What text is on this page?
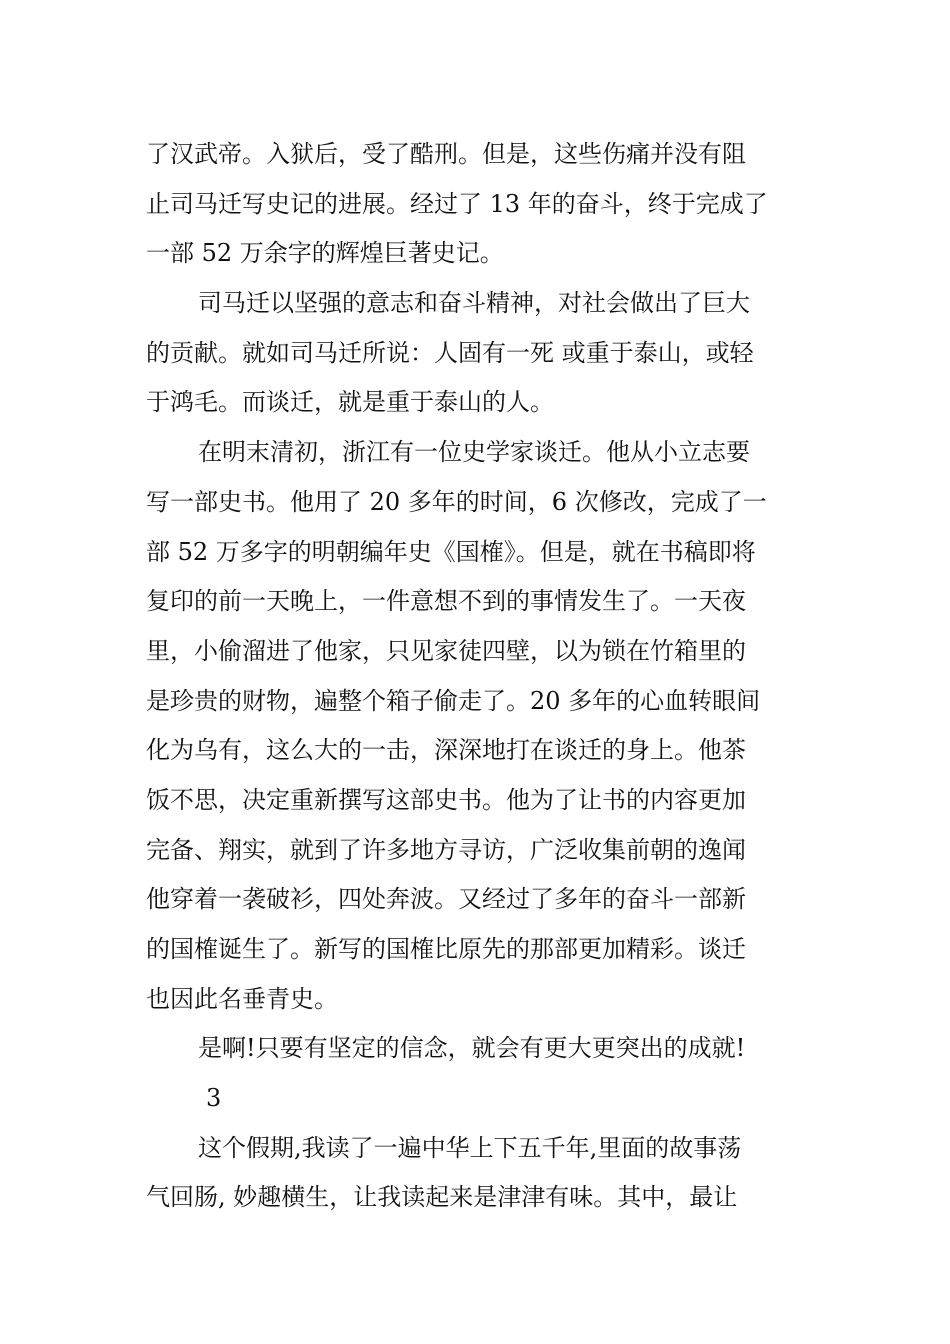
了汉武帝。入狱后，受了酷刑。但是，这些伤痛并没有阻
止司马迁写史记的进展。经过了 13 年的奋斗，终于完成了
一部 52 万余字的辉煌巨著史记。
司马迁以坚强的意志和奋斗精神，对社会做出了巨大
的贡献。就如司马迁所说：人固有一死 或重于泰山，或轻
于鸿毛。而谈迁，就是重于泰山的人。
在明末清初，浙江有一位史学家谈迁。他从小立志要
写一部史书。他用了 20 多年的时间，6 次修改，完成了一
部 52 万多字的明朝编年史《国榷》。但是，就在书稿即将
复印的前一天晚上，一件意想不到的事情发生了。一天夜
里，小偷溜进了他家，只见家徒四壁，以为锁在竹箱里的
是珍贵的财物，遍整个箱子偷走了。20 多年的心血转眼间
化为乌有，这么大的一击，深深地打在谈迁的身上。他茶
饭不思，决定重新撰写这部史书。他为了让书的内容更加
完备、翔实，就到了许多地方寻访，广泛收集前朝的逸闻
他穿着一袭破衫，四处奔波。又经过了多年的奋斗一部新
的国榷诞生了。新写的国榷比原先的那部更加精彩。谈迁
也因此名垂青史。
是啊!只要有坚定的信念，就会有更大更突出的成就!
3
这个假期,我读了一遍中华上下五千年,里面的故事荡
气回肠, 妙趣横生，让我读起来是津津有味。其中，最让
